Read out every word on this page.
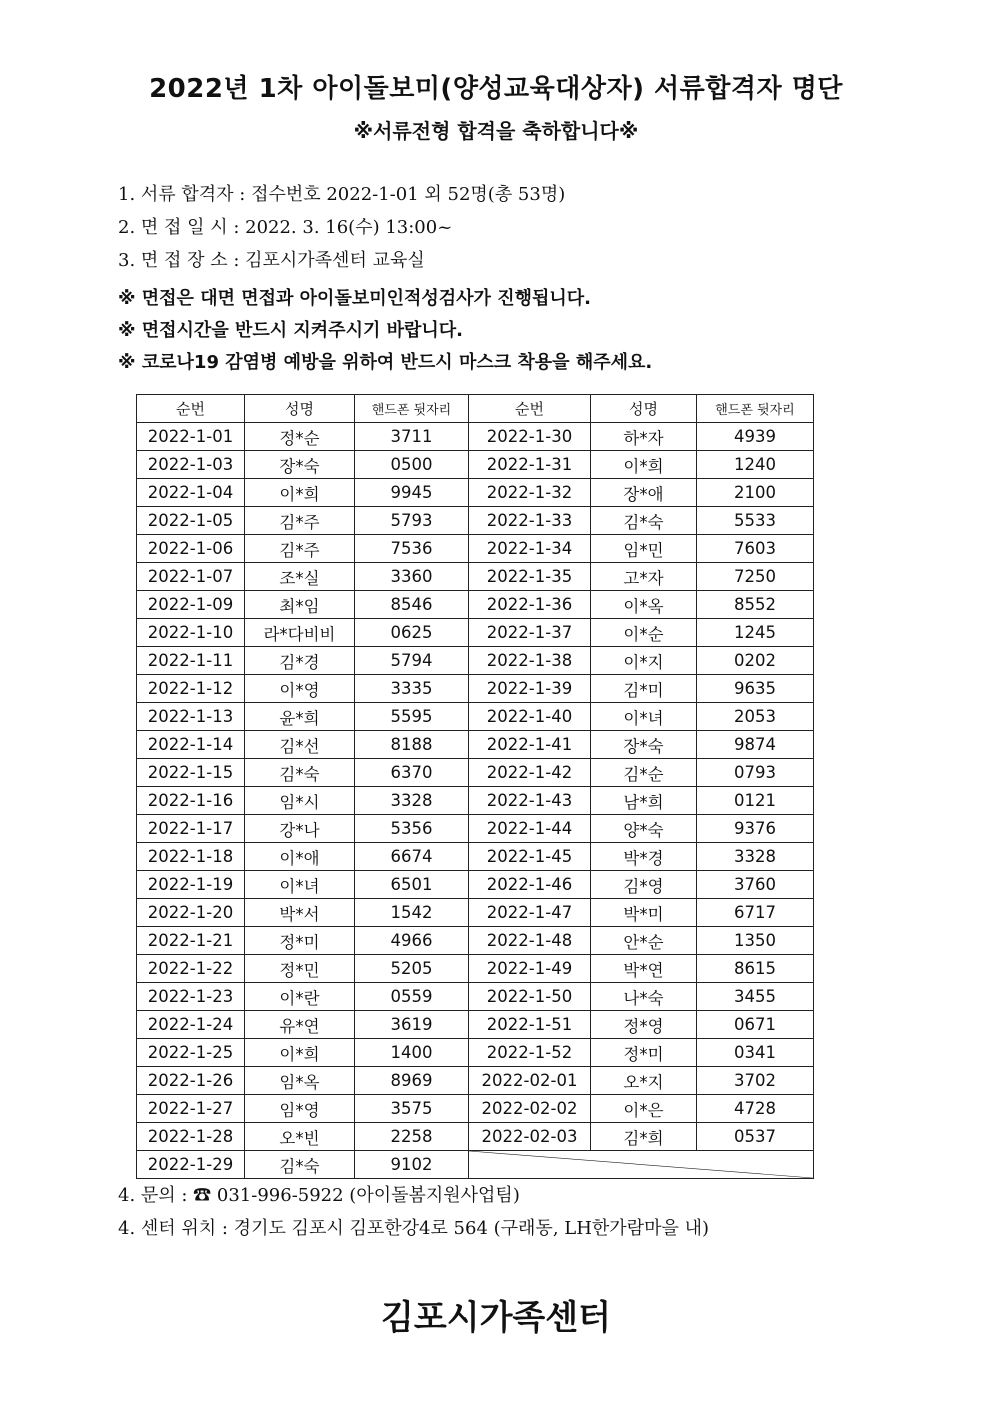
2022년 1차 아이돌보미(양성교육대상자) 서류합격자 명단
※서류전형 합격을 축하합니다※
1. 서류 합격자 : 접수번호 2022-1-01 외 52명(총 53명)
2. 면 접 일 시 : 2022. 3. 16(수) 13:00~
3. 면 접 장 소 : 김포시가족센터 교육실
※ 면접은 대면 면접과 아이돌보미인적성검사가 진행됩니다.
※ 면접시간을 반드시 지켜주시기 바랍니다.
※ 코로나19 감염병 예방을 위하여 반드시 마스크 착용을 해주세요.
순번	성명	핸드폰 뒷자리	순번	성명	핸드폰 뒷자리
2022-1-01	정*순	3711	2022-1-30	하*자	4939
2022-1-03	장*숙	0500	2022-1-31	이*희	1240
2022-1-04	이*희	9945	2022-1-32	장*애	2100
2022-1-05	김*주	5793	2022-1-33	김*숙	5533
2022-1-06	김*주	7536	2022-1-34	임*민	7603
2022-1-07	조*실	3360	2022-1-35	고*자	7250
2022-1-09	최*임	8546	2022-1-36	이*옥	8552
2022-1-10	라*다비비	0625	2022-1-37	이*순	1245
2022-1-11	김*경	5794	2022-1-38	이*지	0202
2022-1-12	이*영	3335	2022-1-39	김*미	9635
2022-1-13	윤*희	5595	2022-1-40	이*녀	2053
2022-1-14	김*선	8188	2022-1-41	장*숙	9874
2022-1-15	김*숙	6370	2022-1-42	김*순	0793
2022-1-16	임*시	3328	2022-1-43	남*희	0121
2022-1-17	강*나	5356	2022-1-44	양*숙	9376
2022-1-18	이*애	6674	2022-1-45	박*경	3328
2022-1-19	이*녀	6501	2022-1-46	김*영	3760
2022-1-20	박*서	1542	2022-1-47	박*미	6717
2022-1-21	정*미	4966	2022-1-48	안*순	1350
2022-1-22	정*민	5205	2022-1-49	박*연	8615
2022-1-23	이*란	0559	2022-1-50	나*숙	3455
2022-1-24	유*연	3619	2022-1-51	정*영	0671
2022-1-25	이*희	1400	2022-1-52	정*미	0341
2022-1-26	임*옥	8969	2022-02-01	오*지	3702
2022-1-27	임*영	3575	2022-02-02	이*은	4728
2022-1-28	오*빈	2258	2022-02-03	김*희	0537
2022-1-29	김*숙	9102	
4. 문의 : ☎ 031-996-5922 (아이돌봄지원사업팀)
4. 센터 위치 : 경기도 김포시 김포한강4로 564 (구래동, LH한가람마을 내)
김포시가족센터
